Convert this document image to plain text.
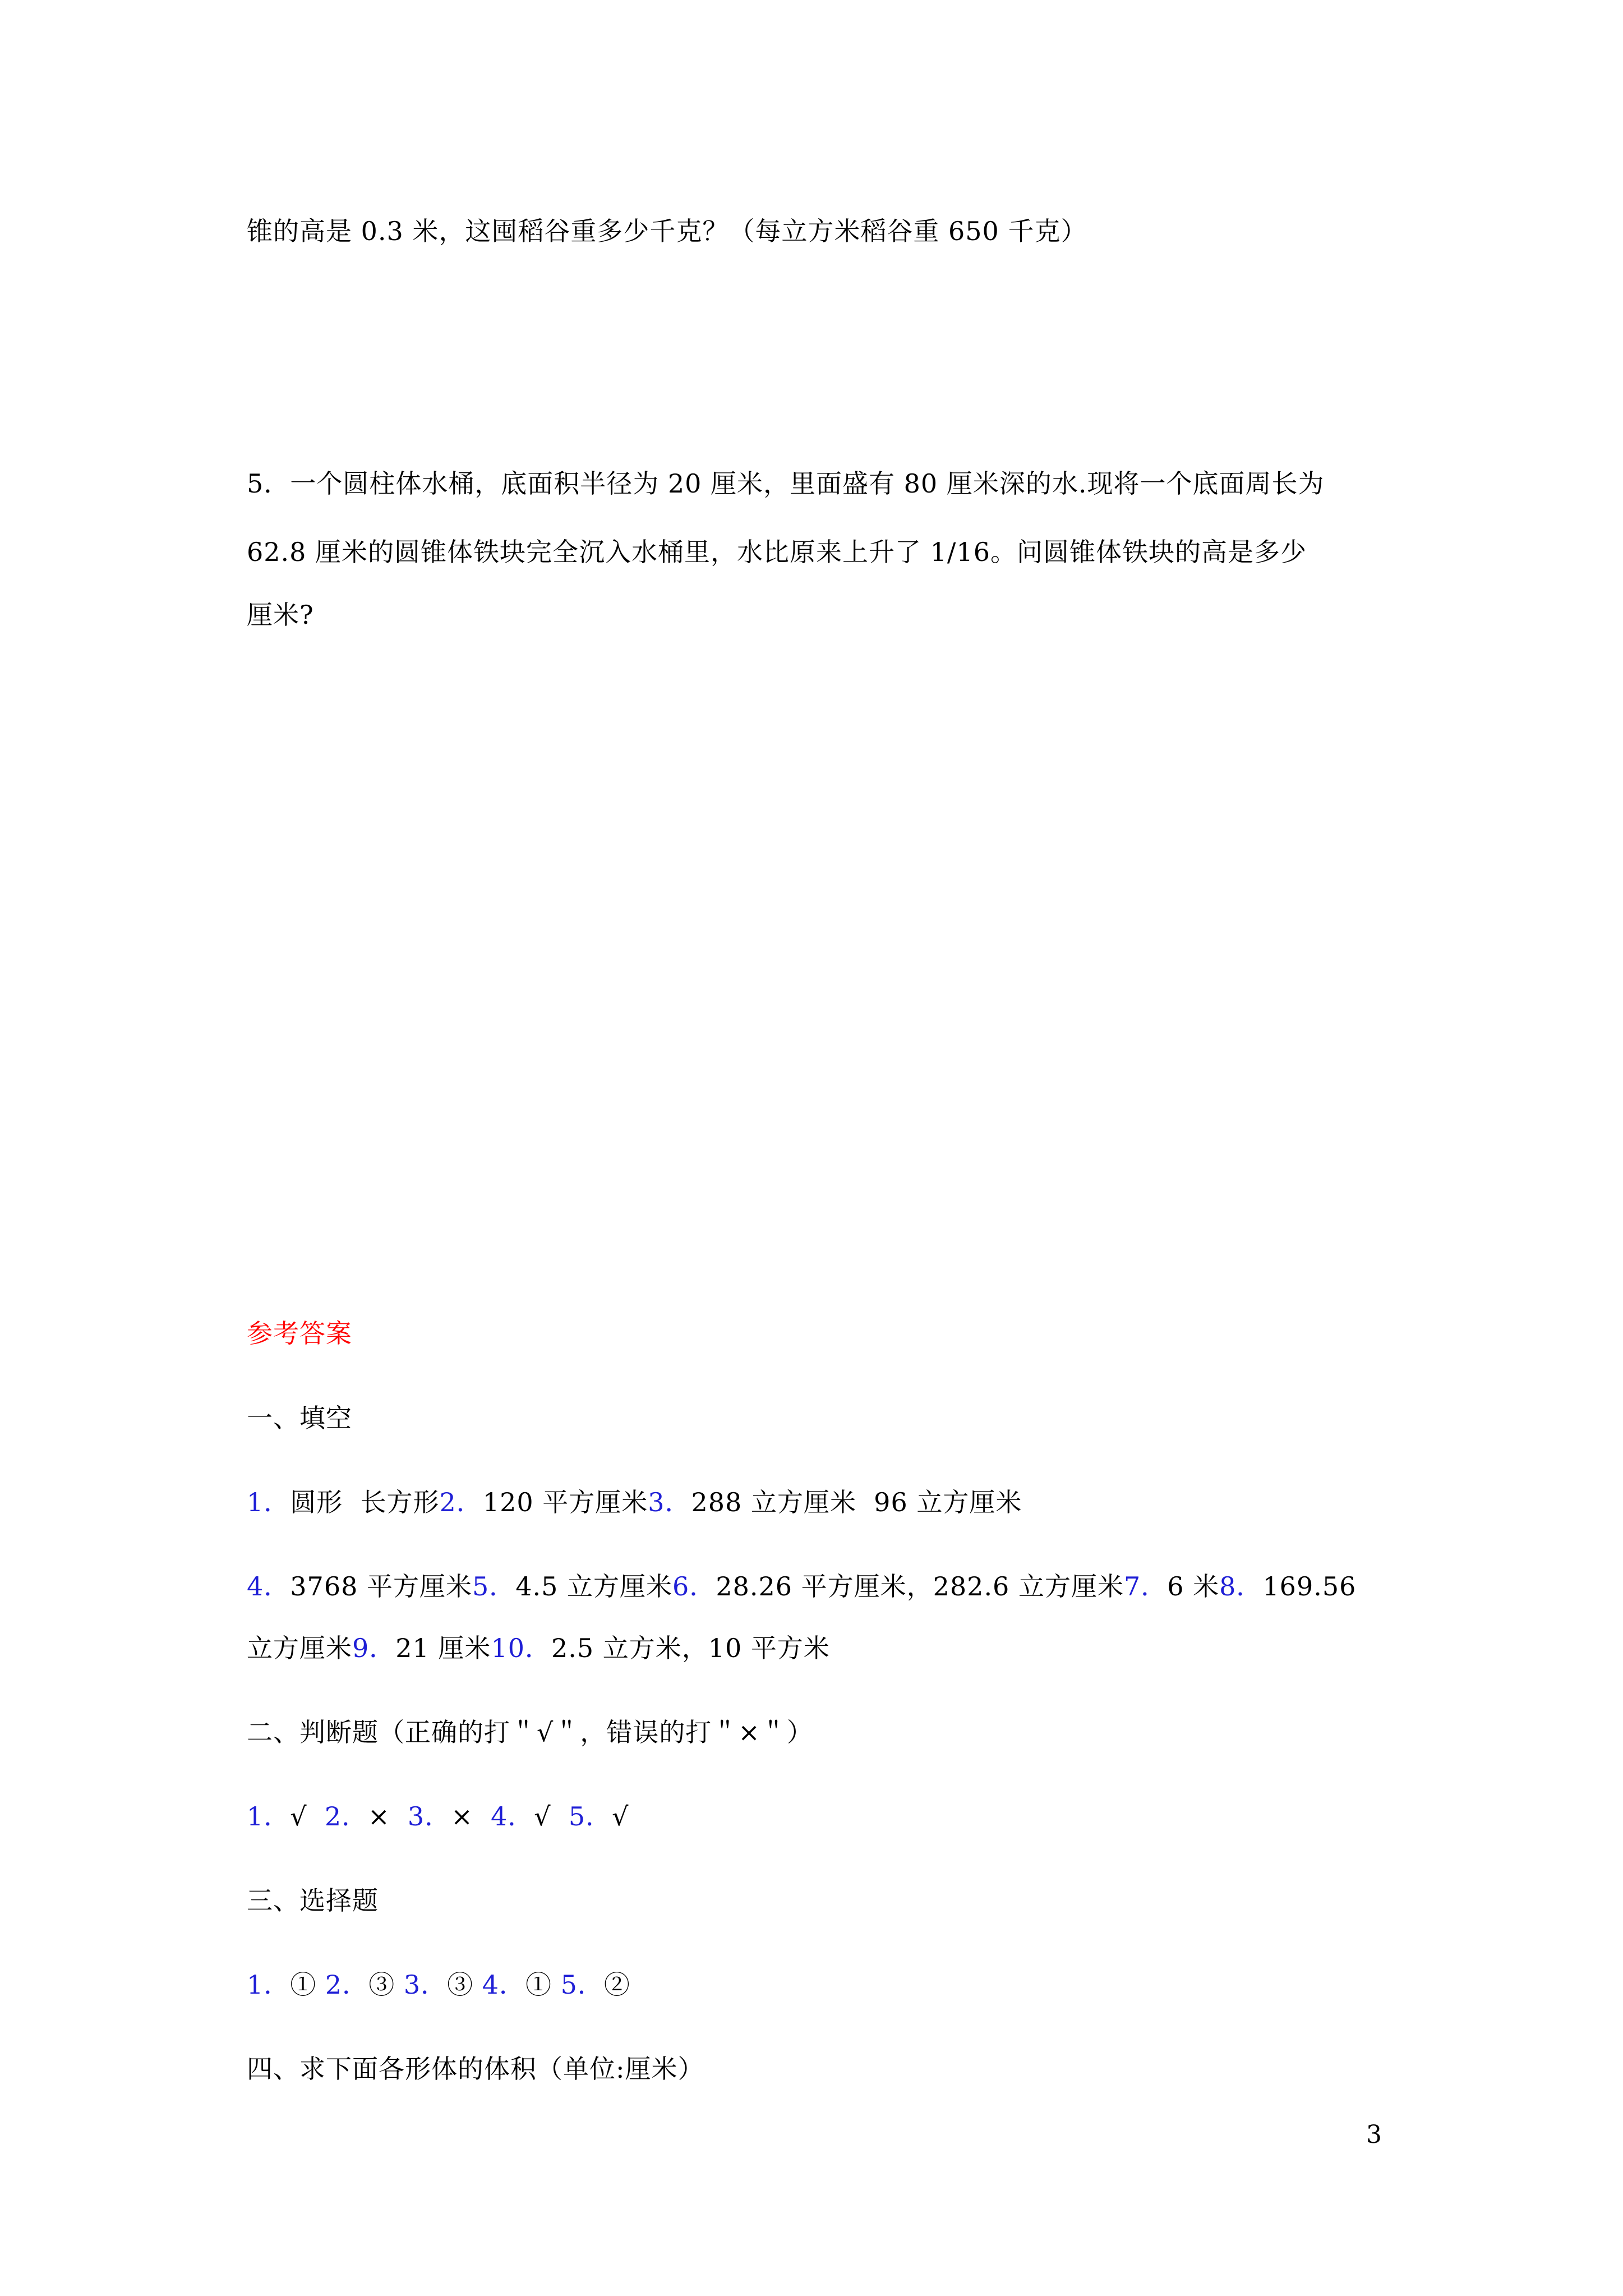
锥的高是 0.3 米，这囤稻谷重多少千克？（每立方米稻谷重 650 千克）
5．一个圆柱体水桶，底面积半径为 20 厘米，里面盛有 80 厘米深的水.现将一个底面周长为
62.8 厘米的圆锥体铁块完全沉入水桶里，水比原来上升了 1/16。问圆锥体铁块的高是多少
厘米?
参考答案
一、填空
1．圆形  长方形2．120 平方厘米3．288 立方厘米  96 立方厘米
4．3768 平方厘米5．4.5 立方厘米6．28.26 平方厘米，282.6 立方厘米7．6 米8．169.56
立方厘米9．21 厘米10．2.5 立方米，10 平方米
二、判断题（正确的打＂√＂，错误的打＂×＂）
1．√ 2．× 3．× 4．√ 5．√
三、选择题
1．① 2．③ 3．③ 4．① 5．②
四、求下面各形体的体积（单位:厘米）
3
